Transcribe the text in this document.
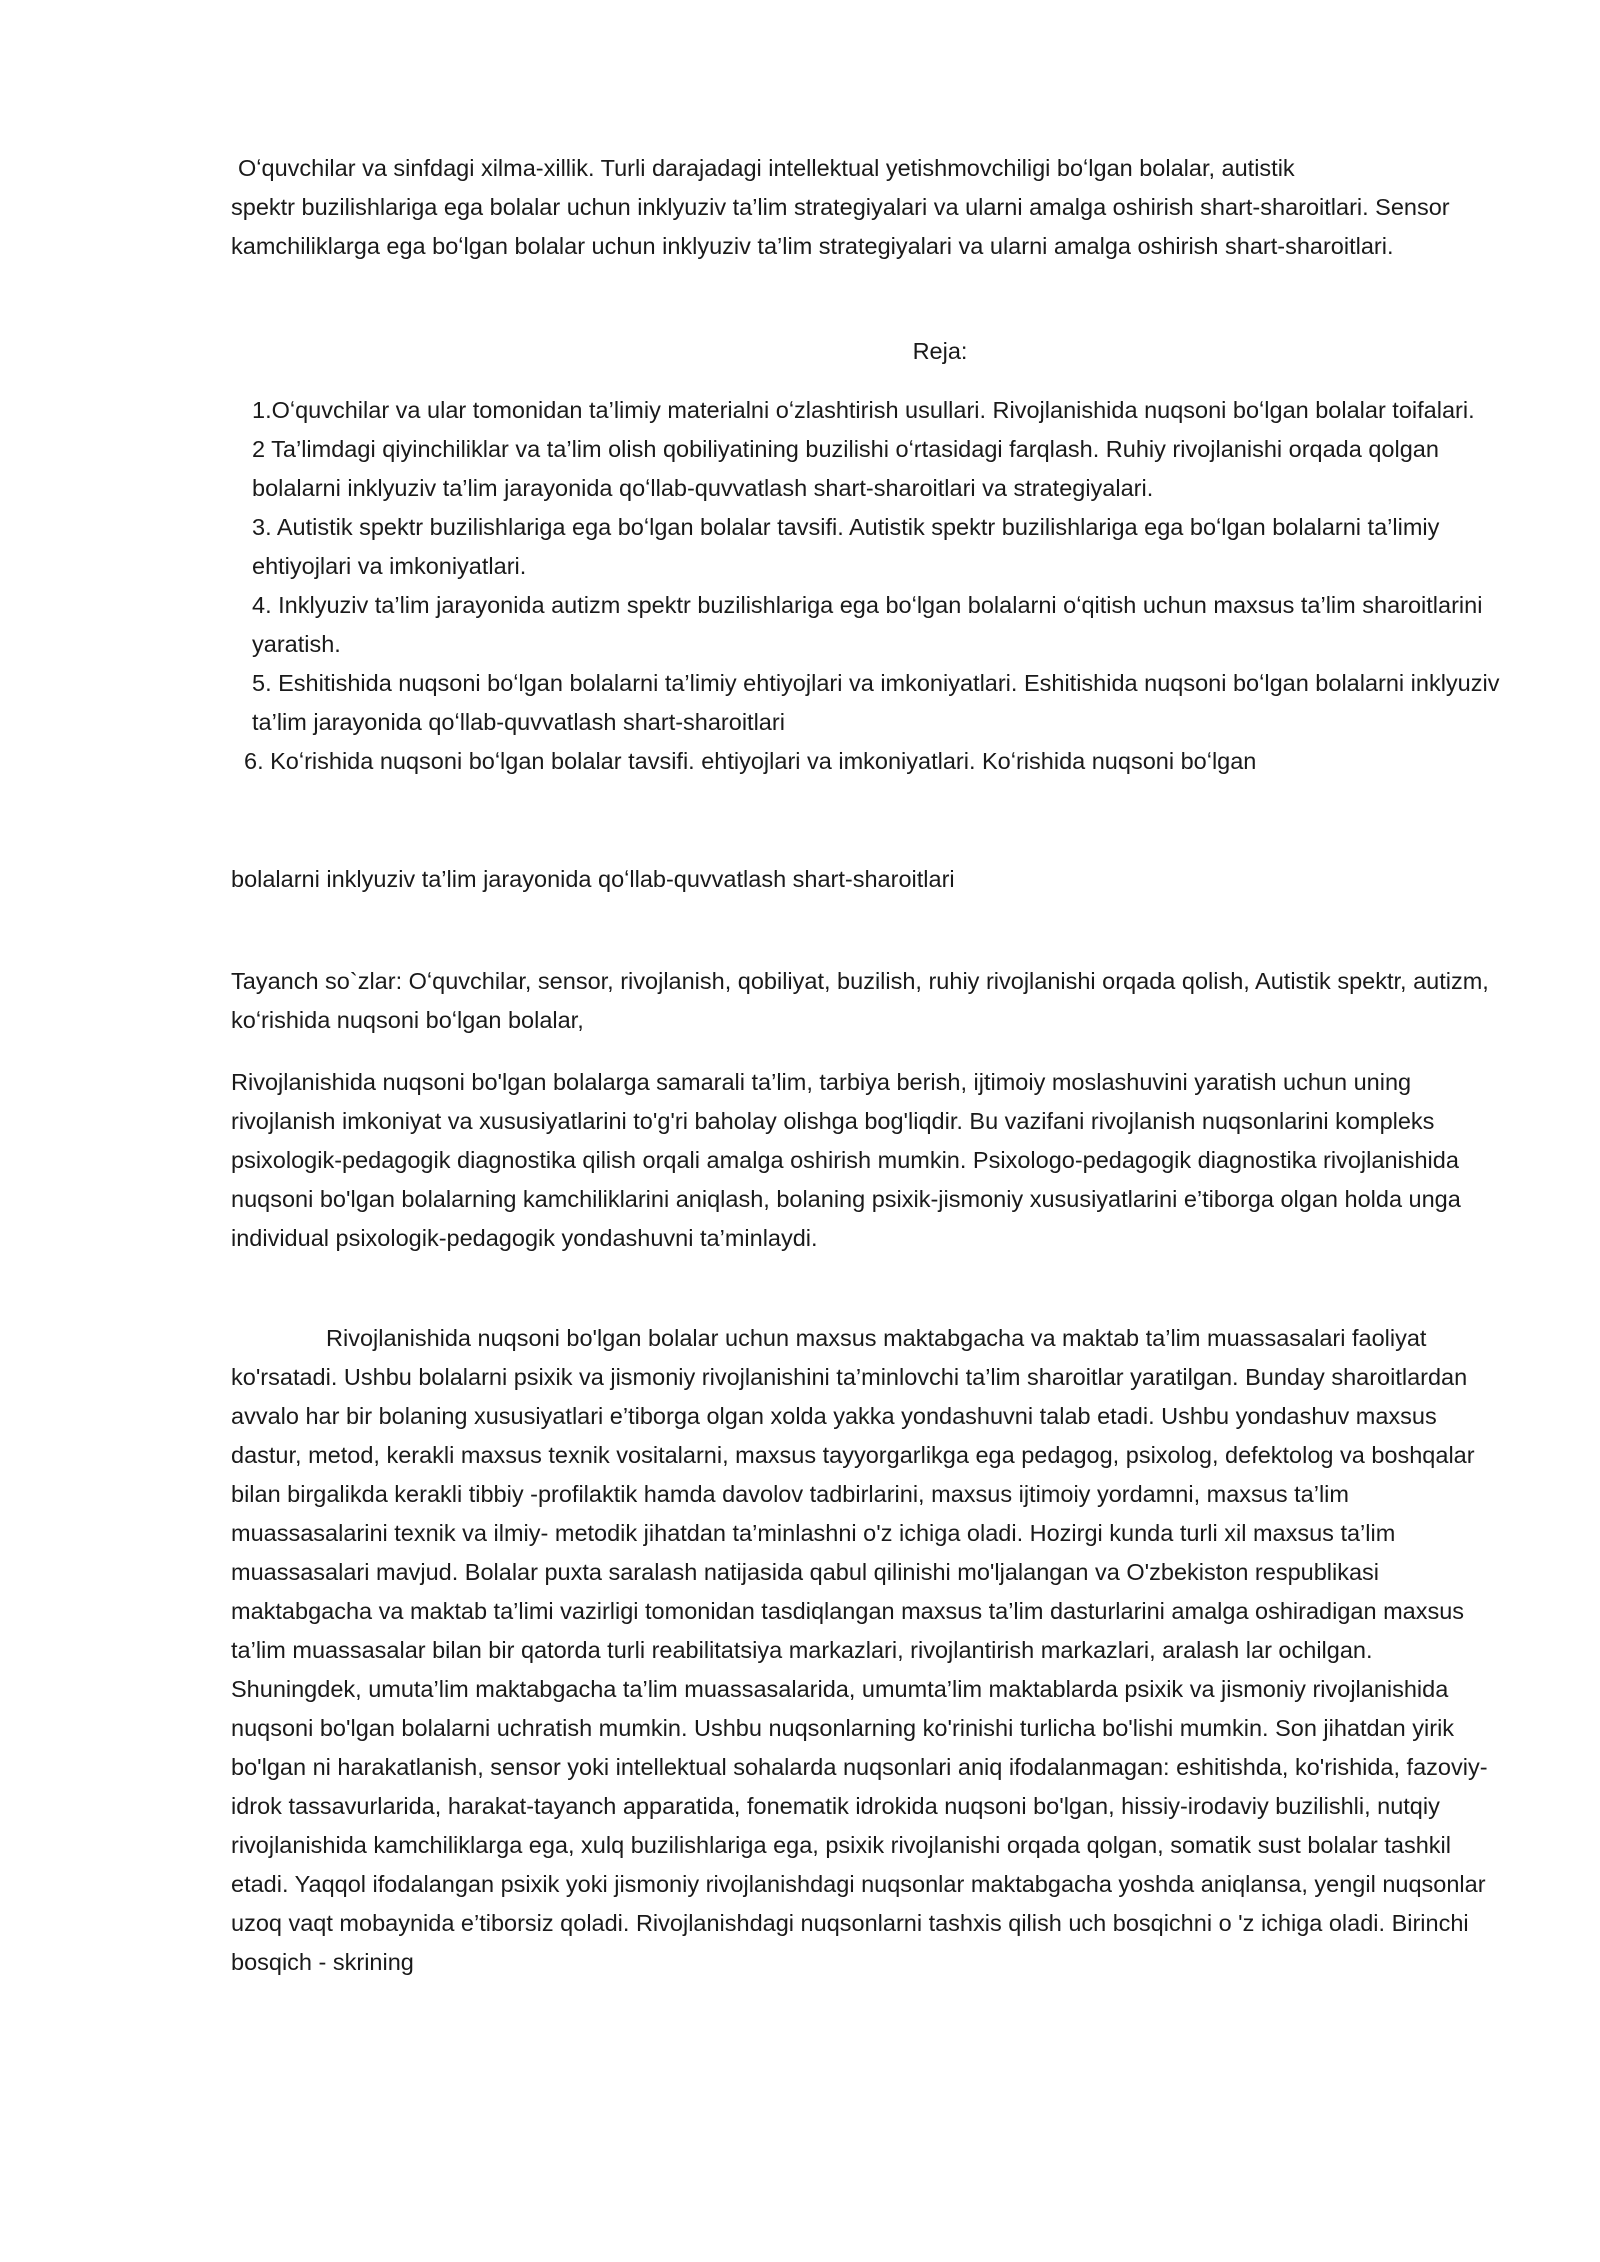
Oʻquvchilar va sinfdagi xilma-xillik. Turli darajadagi intellektual yetishmovchiligi boʻlgan bolalar, autistik
spektr buzilishlariga ega bolalar uchun inklyuziv ta’lim strategiyalari va ularni amalga oshirish shart-sharoitlari. Sensor kamchiliklarga ega boʻlgan bolalar uchun inklyuziv ta’lim strategiyalari va ularni amalga oshirish shart-sharoitlari.

Reja:

1.Oʻquvchilar va ular tomonidan ta’limiy materialni oʻzlashtirish usullari. Rivojlanishida nuqsoni boʻlgan bolalar toifalari.
2 Ta’limdagi qiyinchiliklar va ta’lim olish qobiliyatining buzilishi oʻrtasidagi farqlash. Ruhiy rivojlanishi orqada qolgan bolalarni inklyuziv ta’lim jarayonida qoʻllab-quvvatlash shart-sharoitlari va strategiyalari.
3. Autistik spektr buzilishlariga ega boʻlgan bolalar tavsifi. Autistik spektr buzilishlariga ega boʻlgan bolalarni ta’limiy ehtiyojlari va imkoniyatlari.
4. Inklyuziv ta’lim jarayonida autizm spektr buzilishlariga ega boʻlgan bolalarni oʻqitish uchun maxsus ta’lim sharoitlarini yaratish.
5. Eshitishida nuqsoni boʻlgan bolalarni ta’limiy ehtiyojlari va imkoniyatlari. Eshitishida nuqsoni boʻlgan bolalarni inklyuziv ta’lim jarayonida qoʻllab-quvvatlash shart-sharoitlari
6. Koʻrishida nuqsoni boʻlgan bolalar tavsifi. ehtiyojlari va imkoniyatlari. Koʻrishida nuqsoni boʻlgan
bolalarni inklyuziv ta’lim jarayonida qoʻllab-quvvatlash shart-sharoitlari

Tayanch so`zlar: Oʻquvchilar, sensor, rivojlanish, qobiliyat, buzilish, ruhiy rivojlanishi orqada qolish, Autistik spektr, autizm, koʻrishida nuqsoni boʻlgan bolalar,

Rivojlanishida nuqsoni bo'lgan bolalarga samarali ta’lim, tarbiya berish, ijtimoiy moslashuvini yaratish uchun uning rivojlanish imkoniyat va xususiyatlarini to'g'ri baholay olishga bog'liqdir. Bu vazifani rivojlanish nuqsonlarini kompleks psixologik-pedagogik diagnostika qilish orqali amalga oshirish mumkin. Psixologo-pedagogik diagnostika rivojlanishida nuqsoni bo'lgan bolalarning kamchiliklarini aniqlash, bolaning psixik-jismoniy xususiyatlarini e’tiborga olgan holda unga individual psixologik-pedagogik yondashuvni ta’minlaydi.

Rivojlanishida nuqsoni bo'lgan bolalar uchun maxsus maktabgacha va maktab ta’lim muassasalari faoliyat ko'rsatadi. Ushbu bolalarni psixik va jismoniy rivojlanishini ta’minlovchi ta’lim sharoitlar yaratilgan. Bunday sharoitlardan avvalo har bir bolaning xususiyatlari e’tiborga olgan xolda yakka yondashuvni talab etadi. Ushbu yondashuv maxsus dastur, metod, kerakli maxsus texnik vositalarni, maxsus tayyorgarlikga ega pedagog, psixolog, defektolog va boshqalar bilan birgalikda kerakli tibbiy -profilaktik hamda davolov tadbirlarini, maxsus ijtimoiy yordamni, maxsus ta’lim muassasalarini texnik va ilmiy- metodik jihatdan ta’minlashni o'z ichiga oladi. Hozirgi kunda turli xil maxsus ta’lim muassasalari mavjud. Bolalar puxta saralash natijasida qabul qilinishi mo'ljalangan va O'zbekiston respublikasi maktabgacha va maktab ta’limi vazirligi tomonidan tasdiqlangan maxsus ta’lim dasturlarini amalga oshiradigan maxsus ta’lim muassasalar bilan bir qatorda turli reabilitatsiya markazlari, rivojlantirish markazlari, aralash lar ochilgan. Shuningdek, umuta’lim maktabgacha ta’lim muassasalarida, umumta’lim maktablarda psixik va jismoniy rivojlanishida nuqsoni bo'lgan bolalarni uchratish mumkin. Ushbu nuqsonlarning ko'rinishi turlicha bo'lishi mumkin. Son jihatdan yirik bo'lgan ni harakatlanish, sensor yoki intellektual sohalarda nuqsonlari aniq ifodalanmagan: eshitishda, ko'rishida, fazoviy-idrok tassavurlarida, harakat-tayanch apparatida, fonematik idrokida nuqsoni bo'lgan, hissiy-irodaviy buzilishli, nutqiy rivojlanishida kamchiliklarga ega, xulq buzilishlariga ega, psixik rivojlanishi orqada qolgan, somatik sust bolalar tashkil etadi. Yaqqol ifodalangan psixik yoki jismoniy rivojlanishdagi nuqsonlar maktabgacha yoshda aniqlansa, yengil nuqsonlar uzoq vaqt mobaynida e’tiborsiz qoladi. Rivojlanishdagi nuqsonlarni tashxis qilish uch bosqichni o 'z ichiga oladi. Birinchi bosqich - skrining
